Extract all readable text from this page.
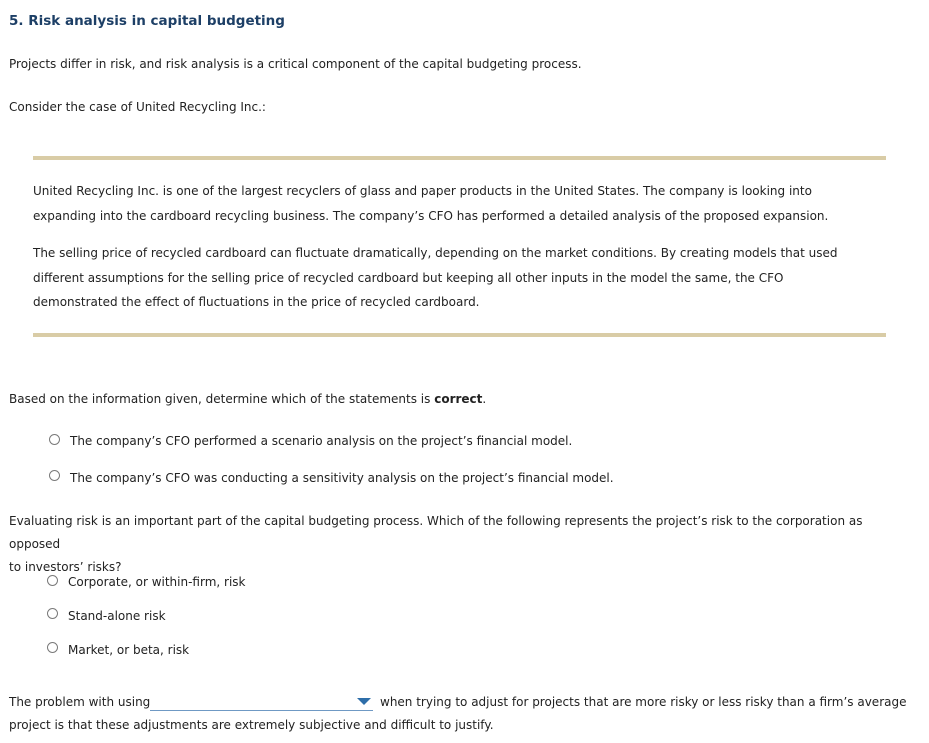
5. Risk analysis in capital budgeting
Projects differ in risk, and risk analysis is a critical component of the capital budgeting process.
Consider the case of United Recycling Inc.:

United Recycling Inc. is one of the largest recyclers of glass and paper products in the United States. The company is looking into

expanding into the cardboard recycling business. The company’s CFO has performed a detailed analysis of the proposed expansion.

The selling price of recycled cardboard can fluctuate dramatically, depending on the market conditions. By creating models that used

different assumptions for the selling price of recycled cardboard but keeping all other inputs in the model the same, the CFO

demonstrated the effect of fluctuations in the price of recycled cardboard.

Based on the information given, determine which of the statements is correct.
The company’s CFO performed a scenario analysis on the project’s financial model.
The company’s CFO was conducting a sensitivity analysis on the project’s financial model.
Evaluating risk is an important part of the capital budgeting process. Which of the following represents the project’s risk to the corporation as opposed
to investors’ risks?
Corporate, or within-firm, risk
Stand-alone risk
Market, or beta, risk
The problem with using	when trying to adjust for projects that are more risky or less risky than a firm’s average
project is that these adjustments are extremely subjective and difficult to justify.
